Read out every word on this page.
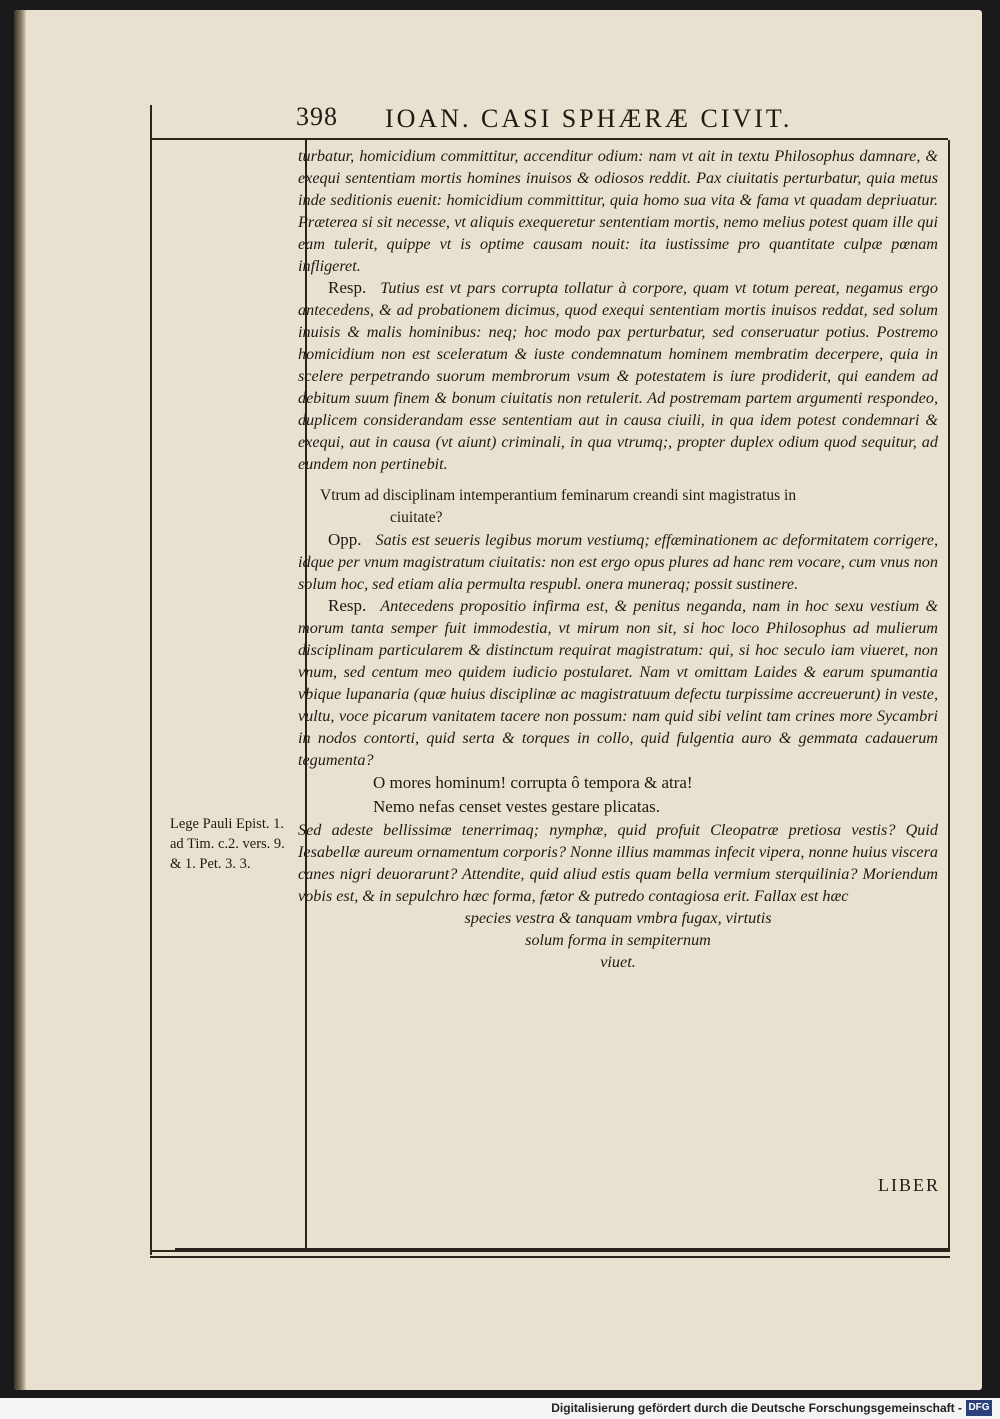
398 IOAN. CASI SPHÆRÆ CIVIT.
Lege Pauli Epist. 1. ad Tim. c.2. vers. 9. & 1. Pet. 3. 3.

turbatur, homicidium committitur, accenditur odium: nam vt ait in textu Philosophus damnare, & exequi sententiam mortis homines inuisos & odiosos reddit. Pax ciuitatis perturbatur, quia metus inde seditionis euenit: homicidium committitur, quia homo sua vita & fama vt quadam depriuatur. Præterea si sit necesse, vt aliquis exequeretur sententiam mortis, nemo melius potest quam ille qui eam tulerit, quippe vt is optime causam nouit: ita iustissime pro quantitate culpæ pœnam infligeret.

Resp. Tutius est vt pars corrupta tollatur à corpore, quam vt totum pereat, negamus ergo antecedens, & ad probationem dicimus, quod exequi sententiam mortis inuisos reddat, sed solum inuisis & malis hominibus: neq; hoc modo pax perturbatur, sed conseruatur potius. Postremo homicidium non est sceleratum & iuste condemnatum hominem membratim decerpere, quia in scelere perpetrando suorum membrorum vsum & potestatem is iure prodiderit, qui eandem ad debitum suum finem & bonum ciuitatis non retulerit. Ad postremam partem argumenti respondeo, duplicem considerandam esse sententiam aut in causa ciuili, in qua idem potest condemnari & exequi, aut in causa (vt aiunt) criminali, in qua vtrumq;, propter duplex odium quod sequitur, ad eundem non pertinebit.

Vtrum ad disciplinam intemperantium feminarum creandi sint magistratus in
ciuitate?

Opp. Satis est seueris legibus morum vestiumq; effæminationem ac deformitatem corrigere, idque per vnum magistratum ciuitatis: non est ergo opus plures ad hanc rem vocare, cum vnus non solum hoc, sed etiam alia permulta respubl. onera muneraq; possit sustinere.

Resp. Antecedens propositio infirma est, & penitus neganda, nam in hoc sexu vestium & morum tanta semper fuit immodestia, vt mirum non sit, si hoc loco Philosophus ad mulierum disciplinam particularem & distinctum requirat magistratum: qui, si hoc seculo iam viueret, non vnum, sed centum meo quidem iudicio postularet. Nam vt omittam Laides & earum spumantia vbique lupanaria (quæ huius disciplinæ ac magistratuum defectu turpissime accreuerunt) in veste, vultu, voce picarum vanitatem tacere non possum: nam quid sibi velint tam crines more Sycambri in nodos contorti, quid serta & torques in collo, quid fulgentia auro & gemmata cadauerum tegumenta?

O mores hominum! corrupta ô tempora & atra!

Nemo nefas censet vestes gestare plicatas.

Sed adeste bellissimæ tenerrimaq; nymphæ, quid profuit Cleopatræ pretiosa vestis? Quid Iesabellæ aureum ornamentum corporis? Nonne illius mammas infecit vipera, nonne huius viscera canes nigri deuorarunt? Attendite, quid aliud estis quam bella vermium sterquilinia? Moriendum vobis est, & in sepulchro hæc forma, fætor & putredo contagiosa erit. Fallax est hæc

species vestra & tanquam vmbra fugax, virtutis

solum forma in sempiternum

viuet.

LIBER
Digitalisierung gefördert durch die Deutsche Forschungsgemeinschaft - DFG
